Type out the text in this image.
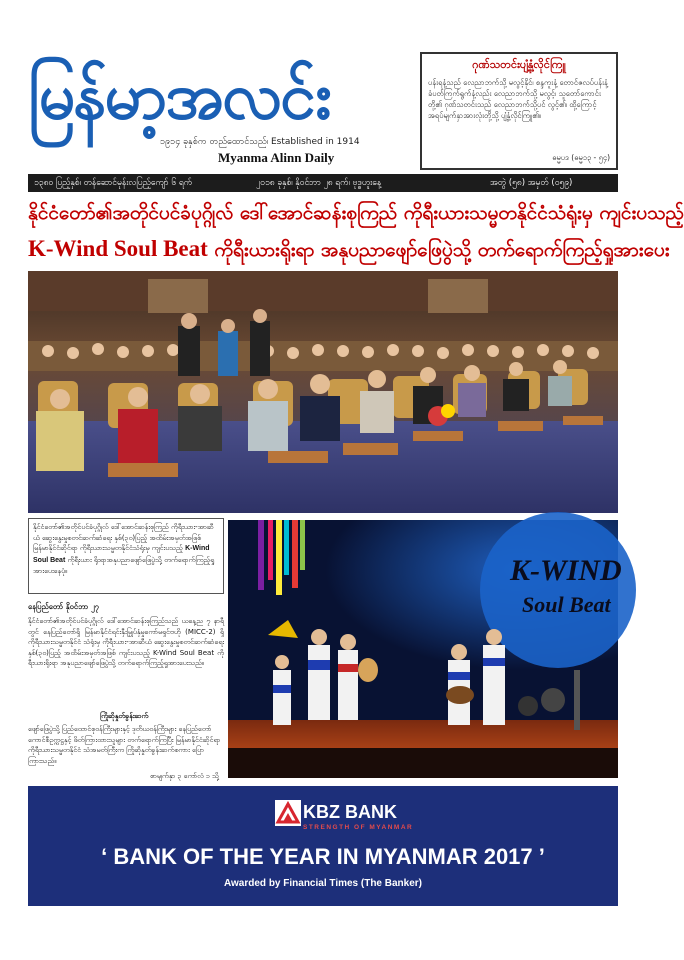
မြန်မာ့အလင်း
၁၉၁၄ ခုနှစ်က တည်ထောင်သည်၊ Established in 1914
Myanma Alinn Daily
ဂုဏ်သတင်းပျံ့နှံ့လိုင်ကြူ
ပန်းရနံ့သည် လေညာဘက်သို့ မလွင့်နိုင်၊ စန္ဒကူးနံ့ တောင်ဇလပ်ပန်းနံ့ ခံပတ်ကြက်ရွက်နံ့လည်း လေညာဘက်သို့ မလွင့်၊ သူတော်ကောင်းတို့၏ ဂုဏ်သတင်းသည် လေညာဘက်သို့ပင် လွင့်၏၊ ထို့ကြောင့် အရပ်မျက်နှာအားလုံးတို့သို့ ပျံ့နှံ့လိုင်ကြူ၏။
ဓမ္မပဒ (ဓမ္မ၁၃ - ၅၄)
၁၃၈၀ ပြည့်နှစ်၊ တန်ဆောင်မုန်းလပြည့်ကျော် ၆ ရက်	၂၀၁၈ ခုနှစ်၊ နိုဝင်ဘာ ၂၈ ရက်၊ ဗုဒ္ဓဟူးနေ့	အတွဲ (၅၈) အမှတ် (၀၅၉)
နိုင်ငံတော်၏အတိုင်ပင်ခံပုဂ္ဂိုလ် ဒေါ်အောင်ဆန်းစုကြည် ကိုရီးယားသမ္မတနိုင်ငံသံရုံးမှ ကျင်းပသည့်
K-Wind Soul Beat ကိုရီးယားရိုးရာ အနုပညာဖျော်ဖြေပွဲသို့ တက်ရောက်ကြည့်ရှုအားပေး
နိုင်ငံတော်၏အတိုင်ပင်ခံပုဂ္ဂိုလ် ဒေါ်အောင်ဆန်းစုကြည် ကိုရီးယား-အာဆီယံ ဆွေးနွေးမှုစတင်ဆက်ဆံရေး နှစ်(၃၀)ပြည့် အထိမ်းအမှတ်အဖြစ် မြန်မာနိုင်ငံဆိုင်ရာ ကိုရီးယားသမ္မတနိုင်ငံသံရုံးမှ ကျင်းပသည့် K-Wind Soul Beat ကိုရီးယား ရိုးရာအနုပညာဖျော်ဖြေပွဲသို့ တက်ရောက်ကြည့်ရှုအားပေးနေပုံ။
နေပြည်တော် နိုဝင်ဘာ ၂၇
နိုင်ငံတော်၏အတိုင်ပင်ခံပုဂ္ဂိုလ် ဒေါ်အောင်ဆန်းစုကြည်သည် ယနေ့ည ၇ နာရီတွင် နေပြည်တော်ရှိ မြန်မာနိုင်ငံရင်းနှီးမြှုပ်နှံမှုကော်မရှင်ဗဟို (MICC-2) ရှိ ကိုရီးယားသမ္မတနိုင်ငံ သံရုံးမှ ကိုရီးယား-အာဆီယံ ဆွေးနွေးမှုစတင်ဆက်ဆံရေး နှစ်(၃၀)ပြည့် အထိမ်းအမှတ်အဖြစ် ကျင်းပသည့် K-Wind Soul Beat ကိုရီးယားရိုးရာ အနုပညာဖျော်ဖြေပွဲသို့ တက်ရောက်ကြည့်ရှုအားပေးသည်။
ကြိုဆိုနှုတ်ခွန်းဆက်
ဖျော်ဖြေပွဲသို့ ပြည်ထောင်စုဝန်ကြီးများနှင့် ဒုတိယဝန်ကြီးများ နေပြည်တော်ကောင်စီဥက္ကဋ္ဌနှင့် ဖိတ်ကြားထားသူများ တက်ရောက်ကြပြီး မြန်မာနိုင်ငံဆိုင်ရာ ကိုရီးယားသမ္မတနိုင်ငံ သံအမတ်ကြီးက ကြိုဆိုနှုတ်ခွန်းဆက်စကား ပြောကြားသည်။
စာမျက်နှာ ၃ ကော်လံ ၁ သို့
K-WIND
Soul Beat
KBZ BANK
STRENGTH OF MYANMAR
‘ BANK OF THE YEAR IN MYANMAR 2017 ’
Awarded by Financial Times (The Banker)
